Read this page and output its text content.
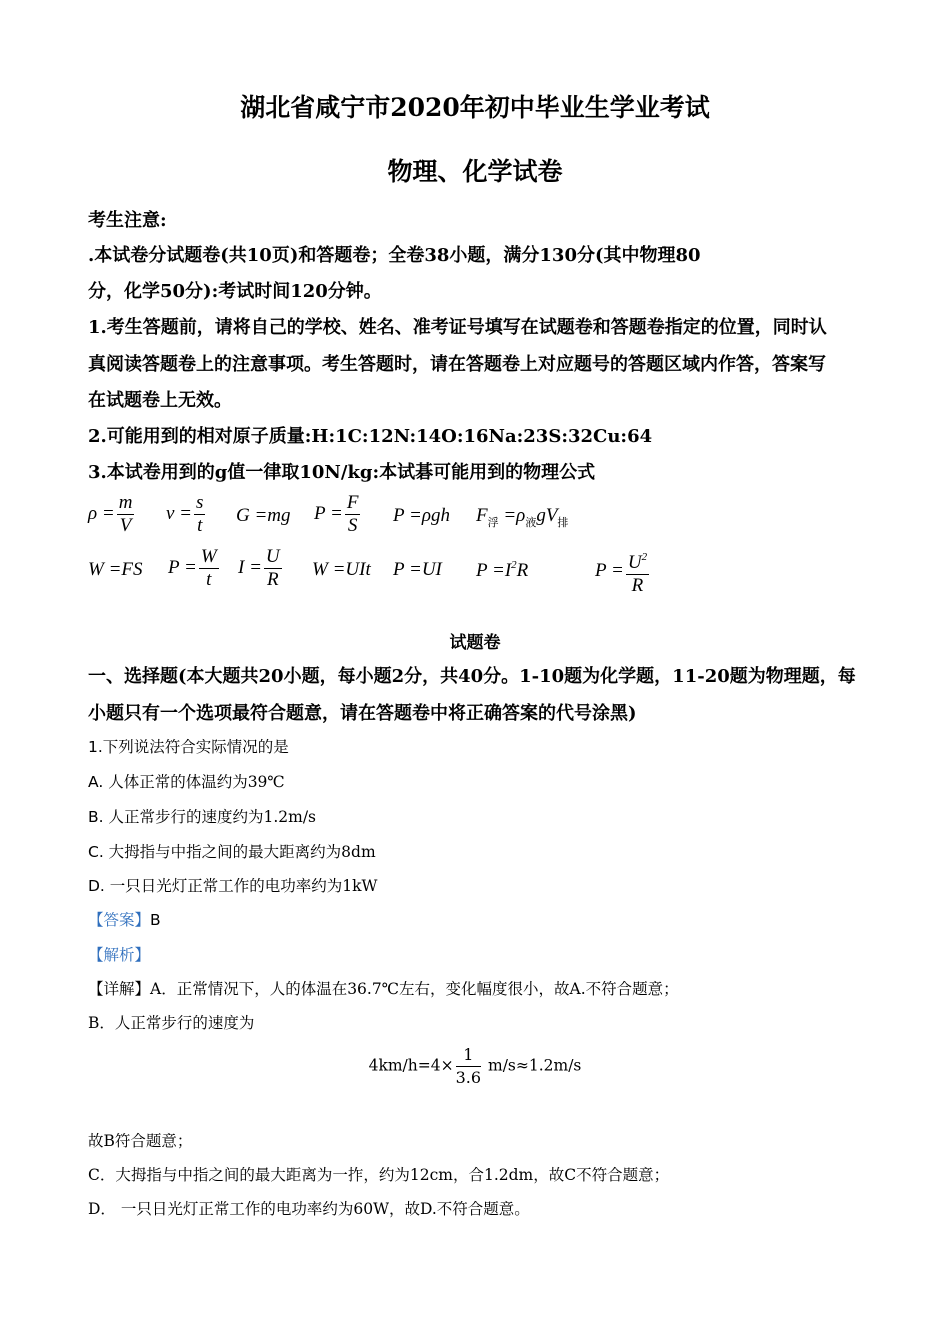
湖北省咸宁市2020年初中毕业生学业考试
物理、化学试卷
考生注意:
.本试卷分试题卷(共10页)和答题卷；全卷38小题，满分130分(其中物理80
分，化学50分):考试时间120分钟。
1.考生答题前，请将自己的学校、姓名、准考证号填写在试题卷和答题卷指定的位置，同时认
真阅读答题卷上的注意事项。考生答题时，请在答题卷上对应题号的答题区域内作答，答案写
在试题卷上无效。
2.可能用到的相对原子质量:H:1C:12N:14O:16Na:23S:32Cu:64
3.本试卷用到的g值一律取10N/kg:本试碁可能用到的物理公式
$\rho = \frac{m}{V}$ $v = \frac{s}{t}$ G =mg $P = \frac{F}{S}$ P =ρgh $F_浮 =\rho_液gV_排$
W =FS $P = \frac{W}{t}$ $I = \frac{U}{R}$ W =UIt P =UI $P =I^2R$	$P = \frac{U^2}{R}$
试题卷
一、选择题(本大题共20小题，每小题2分，共40分。1-10题为化学题，11-20题为物理题，每
小题只有一个选项最符合题意，请在答题卷中将正确答案的代号涂黑)
1.下列说法符合实际情况的是
A. 人体正常的体温约为39℃
B. 人正常步行的速度约为1.2m/s
C. 大拇指与中指之间的最大距离约为8dm
D. 一只日光灯正常工作的电功率约为1kW
【答案】B
【解析】
【详解】A．正常情况下，人的体温在36.7℃左右，变化幅度很小，故A.不符合题意；
B．人正常步行的速度为
$4km/h=4\times \frac{1}{3.6} m/s\approx 1.2m/s$
故B符合题意；
C．大拇指与中指之间的最大距离为一拃，约为12cm，合1.2dm，故C不符合题意；
D． 一只日光灯正常工作的电功率约为60W，故D.不符合题意。
